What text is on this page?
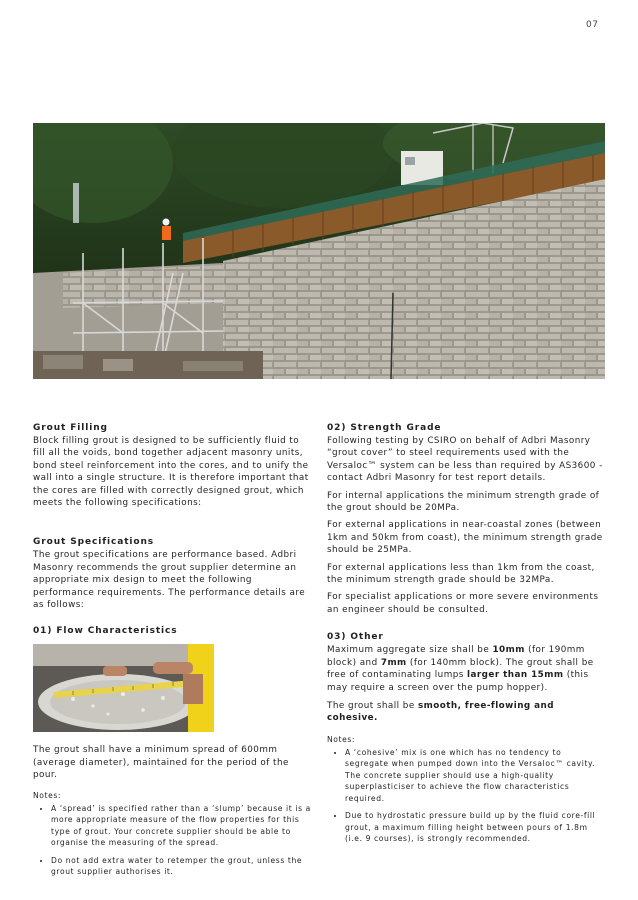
07
Grout Filling

Block filling grout is designed to be sufficiently fluid to fill all the voids, bond together adjacent masonry units, bond steel reinforcement into the cores, and to unify the wall into a single structure. It is therefore important that the cores are filled with correctly designed grout, which meets the following specifications:

Grout Specifications

The grout specifications are performance based. Adbri Masonry recommends the grout supplier determine an appropriate mix design to meet the following performance requirements. The performance details are as follows:

01) Flow Characteristics

The grout shall have a minimum spread of 600mm (average diameter), maintained for the period of the pour.

Notes:

• A ‘spread’ is specified rather than a ‘slump’ because it is a more appropriate measure of the flow properties for this type of grout. Your concrete supplier should be able to organise the measuring of the spread.
• Do not add extra water to retemper the grout, unless the grout supplier authorises it.
02) Strength Grade

Following testing by CSIRO on behalf of Adbri Masonry “grout cover” to steel requirements used with the Versaloc™ system can be less than required by AS3600 - contact Adbri Masonry for test report details.

For internal applications the minimum strength grade of the grout should be 20MPa.

For external applications in near-coastal zones (between 1km and 50km from coast), the minimum strength grade should be 25MPa.

For external applications less than 1km from the coast, the minimum strength grade should be 32MPa.

For specialist applications or more severe environments an engineer should be consulted.

03) Other

Maximum aggregate size shall be 10mm (for 190mm block) and 7mm (for 140mm block). The grout shall be free of contaminating lumps larger than 15mm (this may require a screen over the pump hopper).

The grout shall be smooth, free-flowing and cohesive.

Notes:

• A ‘cohesive’ mix is one which has no tendency to segregate when pumped down into the Versaloc™ cavity. The concrete supplier should use a high-quality superplasticiser to achieve the flow characteristics required.
• Due to hydrostatic pressure build up by the fluid core-fill grout, a maximum filling height between pours of 1.8m (i.e. 9 courses), is strongly recommended.
